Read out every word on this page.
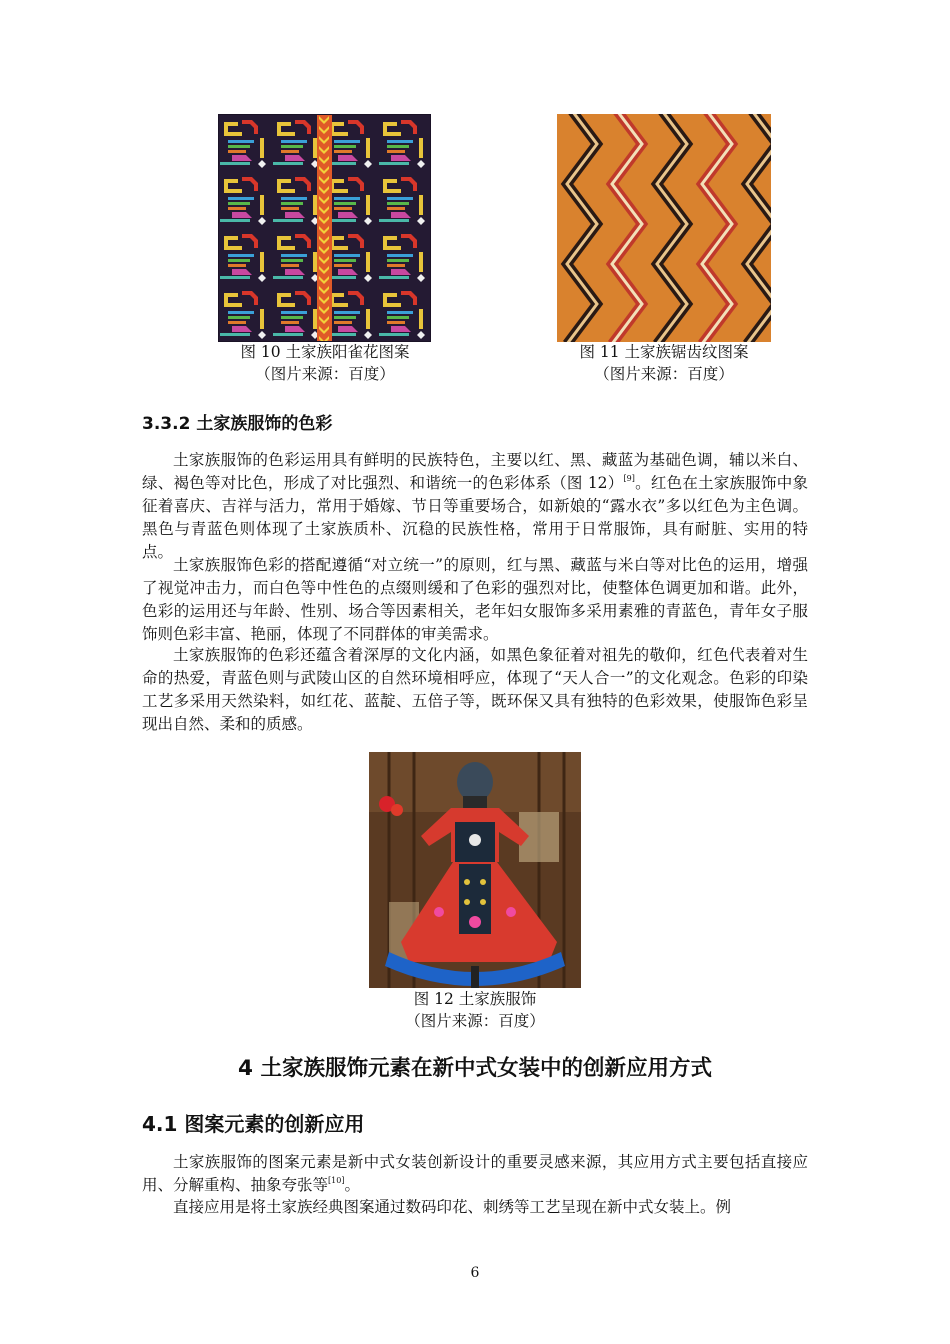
图 10 土家族阳雀花图案
（图片来源：百度）
图 11 土家族锯齿纹图案
（图片来源：百度）
3.3.2 土家族服饰的色彩

土家族服饰的色彩运用具有鲜明的民族特色，主要以红、黑、藏蓝为基础色调，辅以米白、绿、褐色等对比色，形成了对比强烈、和谐统一的色彩体系（图 12）[9]。红色在土家族服饰中象征着喜庆、吉祥与活力，常用于婚嫁、节日等重要场合，如新娘的“露水衣”多以红色为主色调。黑色与青蓝色则体现了土家族质朴、沉稳的民族性格，常用于日常服饰，具有耐脏、实用的特点。

土家族服饰色彩的搭配遵循“对立统一”的原则，红与黑、藏蓝与米白等对比色的运用，增强了视觉冲击力，而白色等中性色的点缀则缓和了色彩的强烈对比，使整体色调更加和谐。此外，色彩的运用还与年龄、性别、场合等因素相关，老年妇女服饰多采用素雅的青蓝色，青年女子服饰则色彩丰富、艳丽，体现了不同群体的审美需求。

土家族服饰的色彩还蕴含着深厚的文化内涵，如黑色象征着对祖先的敬仰，红色代表着对生命的热爱，青蓝色则与武陵山区的自然环境相呼应，体现了“天人合一”的文化观念。色彩的印染工艺多采用天然染料，如红花、蓝靛、五倍子等，既环保又具有独特的色彩效果，使服饰色彩呈现出自然、柔和的质感。

图 12 土家族服饰
（图片来源：百度）
4 土家族服饰元素在新中式女装中的创新应用方式
4.1 图案元素的创新应用

土家族服饰的图案元素是新中式女装创新设计的重要灵感来源，其应用方式主要包括直接应用、分解重构、抽象夸张等[10]。

直接应用是将土家族经典图案通过数码印花、刺绣等工艺呈现在新中式女装上。例

6
